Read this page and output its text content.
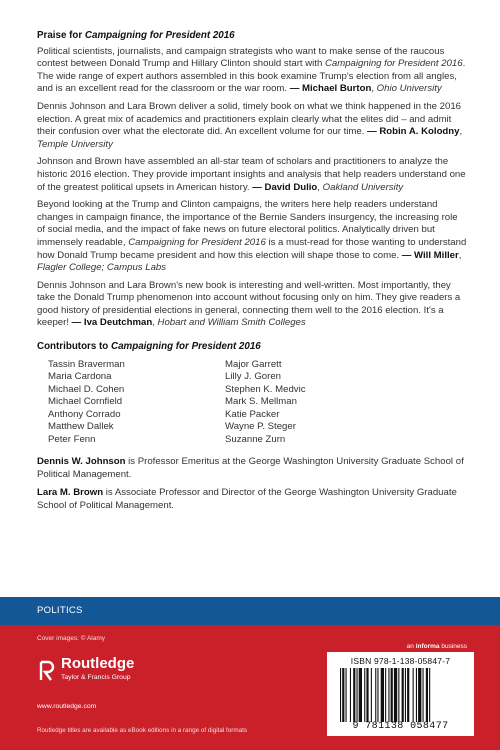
Praise for Campaigning for President 2016

Political scientists, journalists, and campaign strategists who want to make sense of the raucous contest between Donald Trump and Hillary Clinton should start with Campaigning for President 2016. The wide range of expert authors assembled in this book examine Trump's election from all angles, and is an excellent read for the classroom or the war room. — Michael Burton, Ohio University

Dennis Johnson and Lara Brown deliver a solid, timely book on what we think happened in the 2016 election. A great mix of academics and practitioners explain clearly what the elites did – and admit their confusion over what the electorate did. An excellent volume for our time. — Robin A. Kolodny, Temple University

Johnson and Brown have assembled an all-star team of scholars and practitioners to analyze the historic 2016 election. They provide important insights and analysis that help readers understand one of the greatest political upsets in American history. — David Dulio, Oakland University

Beyond looking at the Trump and Clinton campaigns, the writers here help readers understand changes in campaign finance, the importance of the Bernie Sanders insurgency, the increasing role of social media, and the impact of fake news on future electoral politics. Analytically driven but immensely readable, Campaigning for President 2016 is a must-read for those wanting to understand how Donald Trump became president and how this election will shape those to come. — Will Miller, Flagler College; Campus Labs

Dennis Johnson and Lara Brown's new book is interesting and well-written. Most importantly, they take the Donald Trump phenomenon into account without focusing only on him. They give readers a good history of presidential elections in general, connecting them well to the 2016 election. It's a keeper! — Iva Deutchman, Hobart and William Smith Colleges

Contributors to Campaigning for President 2016
Tassin Braverman
Maria Cardona
Michael D. Cohen
Michael Cornfield
Anthony Corrado
Matthew Dallek
Peter Fenn
Major Garrett
Lilly J. Goren
Stephen K. Medvic
Mark S. Mellman
Katie Packer
Wayne P. Steger
Suzanne Zurn

Dennis W. Johnson is Professor Emeritus at the George Washington University Graduate School of Political Management.

Lara M. Brown is Associate Professor and Director of the George Washington University Graduate School of Political Management.

POLITICS
Cover images: © Alamy
an informa business
Routledge
Taylor & Francis Group
www.routledge.com
Routledge titles are available as eBook editions in a range of digital formats
ISBN 978-1-138-05847-7
9 781138 058477
